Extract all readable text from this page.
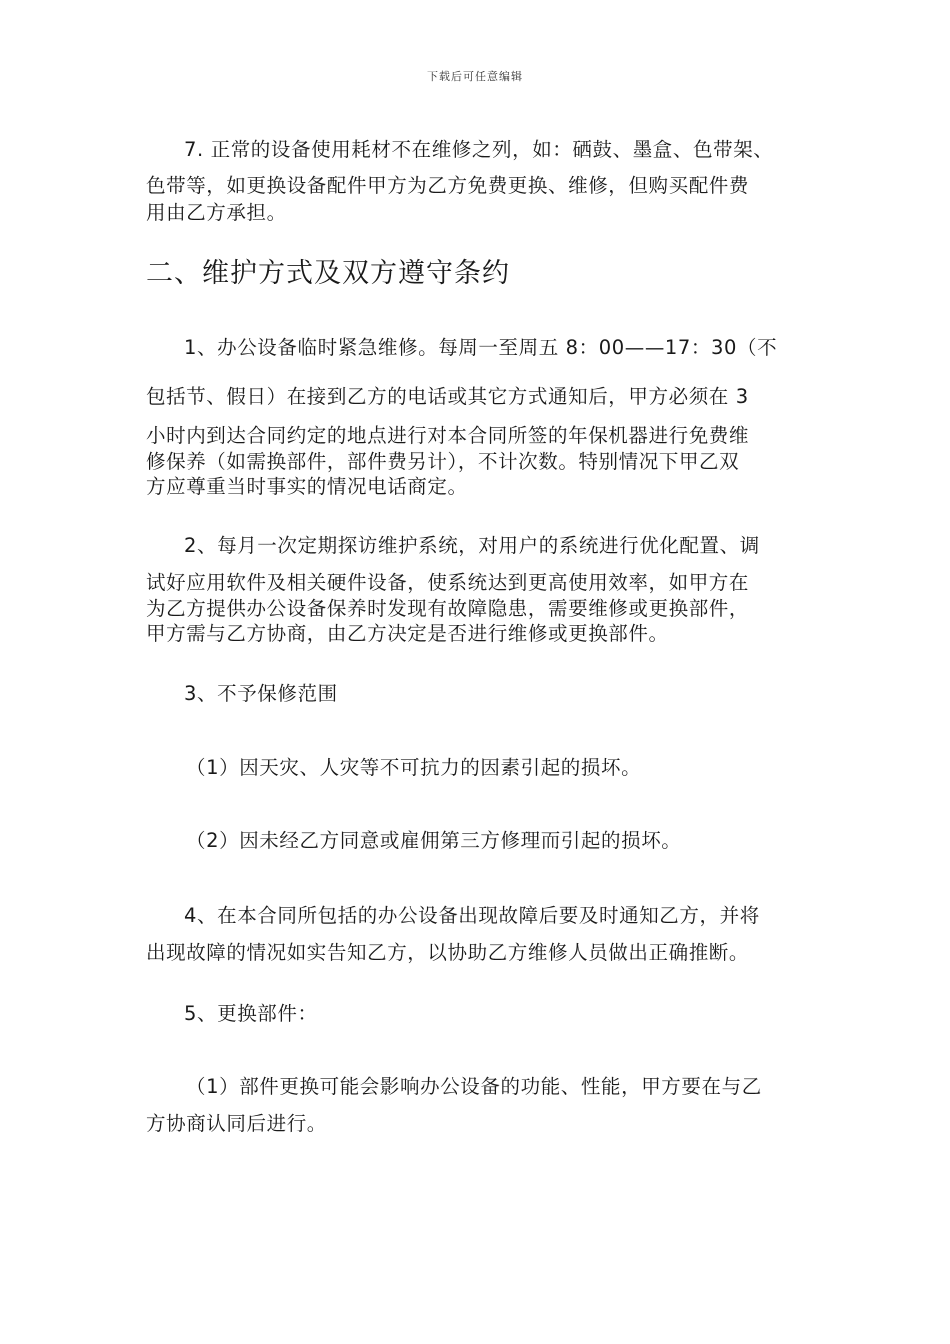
下载后可任意编辑
7. 正常的设备使用耗材不在维修之列，如：硒鼓、墨盒、色带架、
色带等，如更换设备配件甲方为乙方免费更换、维修，但购买配件费
用由乙方承担。
二、维护方式及双方遵守条约
1、办公设备临时紧急维修。每周一至周五 8：00——17：30（不
包括节、假日）在接到乙方的电话或其它方式通知后，甲方必须在 3
小时内到达合同约定的地点进行对本合同所签的年保机器进行免费维
修保养（如需换部件，部件费另计），不计次数。特别情况下甲乙双
方应尊重当时事实的情况电话商定。
2、每月一次定期探访维护系统，对用户的系统进行优化配置、调
试好应用软件及相关硬件设备，使系统达到更高使用效率，如甲方在
为乙方提供办公设备保养时发现有故障隐患，需要维修或更换部件，
甲方需与乙方协商，由乙方决定是否进行维修或更换部件。
3、不予保修范围
（1）因天灾、人灾等不可抗力的因素引起的损坏。
（2）因未经乙方同意或雇佣第三方修理而引起的损坏。
4、在本合同所包括的办公设备出现故障后要及时通知乙方，并将
出现故障的情况如实告知乙方，以协助乙方维修人员做出正确推断。
5、更换部件：
（1）部件更换可能会影响办公设备的功能、性能，甲方要在与乙
方协商认同后进行。
